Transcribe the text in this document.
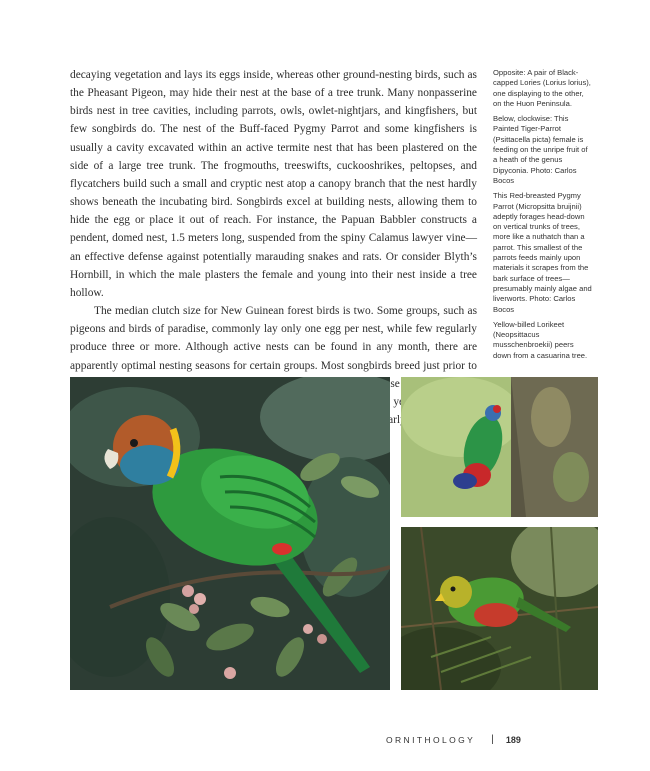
decaying vegetation and lays its eggs inside, whereas other ground-nesting birds, such as the Pheasant Pigeon, may hide their nest at the base of a tree trunk. Many nonpasserine birds nest in tree cavities, including parrots, owls, owlet-nightjars, and kingfishers, but few songbirds do. The nest of the Buff-faced Pygmy Parrot and some kingfishers is usually a cavity excavated within an active termite nest that has been plastered on the side of a large tree trunk. The frogmouths, treeswifts, cuckooshrikes, peltopses, and flycatchers build such a small and cryptic nest atop a canopy branch that the nest hardly shows beneath the incubating bird. Songbirds excel at building nests, allowing them to hide the egg or place it out of reach. For instance, the Papuan Babbler constructs a pendent, domed nest, 1.5 meters long, suspended from the spiny Calamus lawyer vine—an effective defense against potentially marauding snakes and rats. Or consider Blyth’s Hornbill, in which the male plasters the female and young into their nest inside a tree hollow.

The median clutch size for New Guinean forest birds is two. Some groups, such as pigeons and birds of paradise, commonly lay only one egg per nest, while few regularly produce three or more. Although active nests can be found in any month, there are apparently optimal nesting seasons for certain groups. Most songbirds breed just prior to early

Opposite: A pair of Black-capped Lories (Lorius lorius), one displaying to the other, on the Huon Peninsula.

Below, clockwise: This Painted Tiger-Parrot (Psittacella picta) female is feeding on the unripe fruit of a heath of the genus Dipyconia. Photo: Carlos Bocos

This Red-breasted Pygmy Parrot (Micropsitta bruijnii) adeptly forages head-down on vertical trunks of trees, more like a nuthatch than a parrot. This smallest of the parrots feeds mainly upon materials it scrapes from the bark surface of trees—presumably mainly algae and liverworts. Photo: Carlos Bocos

Yellow-billed Lorikeet (Neopsittacus musschenbroekii) peers down from a casuarina tree.

ORNITHOLOGY | 189
